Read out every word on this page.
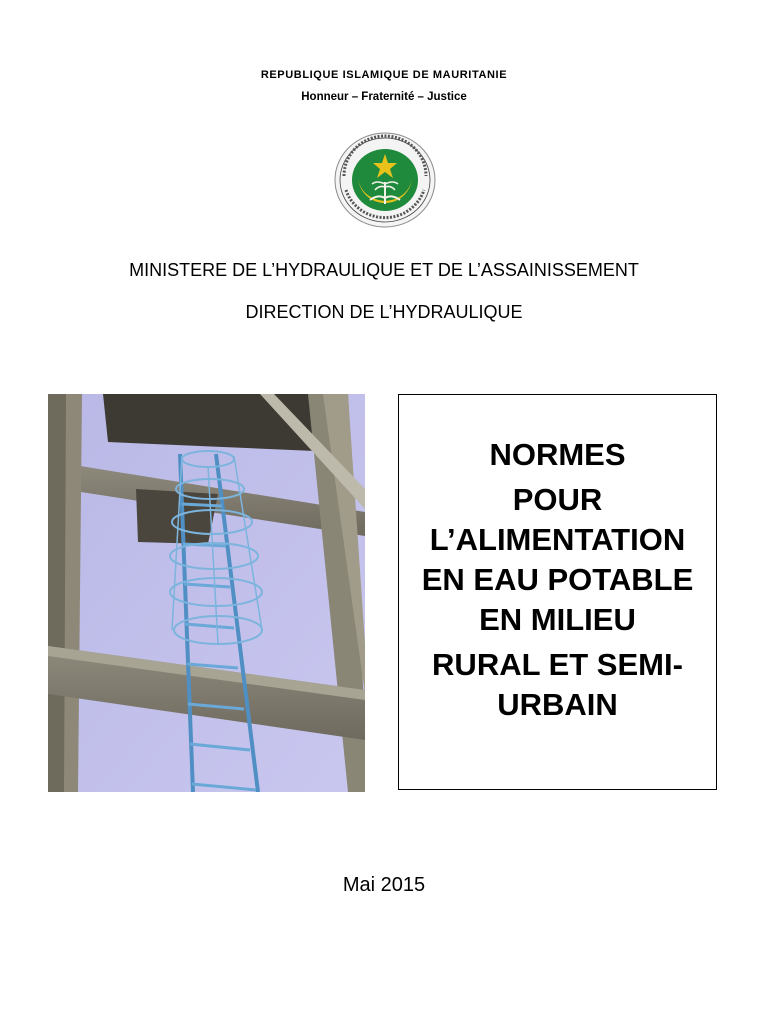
REPUBLIQUE ISLAMIQUE DE MAURITANIE
Honneur – Fraternité – Justice
MINISTERE DE L’HYDRAULIQUE ET DE L’ASSAINISSEMENT
DIRECTION DE L’HYDRAULIQUE
NORMES
POUR
L’ALIMENTATION
EN EAU POTABLE
EN MILIEU
RURAL ET SEMI-
URBAIN
Mai 2015
